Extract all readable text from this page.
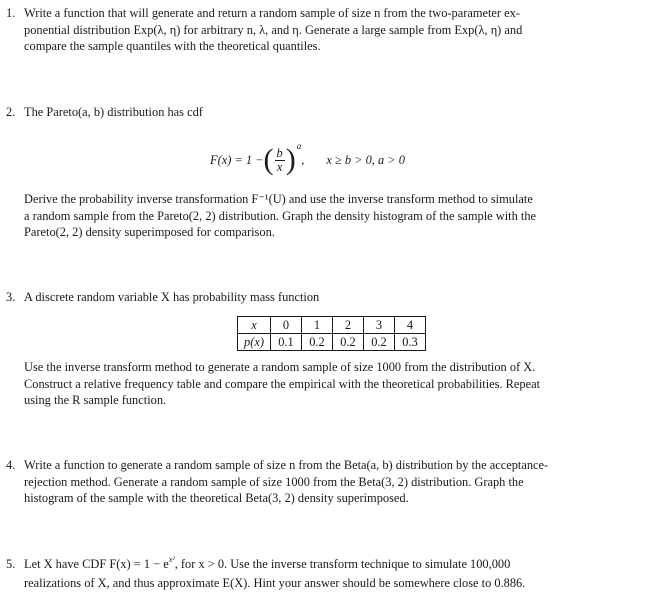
1. Write a function that will generate and return a random sample of size n from the two-parameter ex-

ponential distribution Exp(λ, η) for arbitrary n, λ, and η. Generate a large sample from Exp(λ, η) and

compare the sample quantiles with the theoretical quantiles.

2. The Pareto(a, b) distribution has cdf

F(x) = 1 − ( $\frac{b}{x}$ ) a
, x ≥ b > 0, a > 0

Derive the probability inverse transformation F⁻¹(U) and use the inverse transform method to simulate

a random sample from the Pareto(2, 2) distribution. Graph the density histogram of the sample with the

Pareto(2, 2) density superimposed for comparison.

3. A discrete random variable X has probability mass function

x	0	1	2	3	4
p(x)	0.1	0.2	0.2	0.2	0.3

Use the inverse transform method to generate a random sample of size 1000 from the distribution of X.

Construct a relative frequency table and compare the empirical with the theoretical probabilities. Repeat

using the R sample function.

4. Write a function to generate a random sample of size n from the Beta(a, b) distribution by the acceptance-

rejection method. Generate a random sample of size 1000 from the Beta(3, 2) distribution. Graph the

histogram of the sample with the theoretical Beta(3, 2) density superimposed.

5. Let X have CDF $F(x) = 1 - e^{x^2}$, for x > 0. Use the inverse transform technique to simulate 100,000

realizations of X, and thus approximate E(X). Hint your answer should be somewhere close to 0.886.
